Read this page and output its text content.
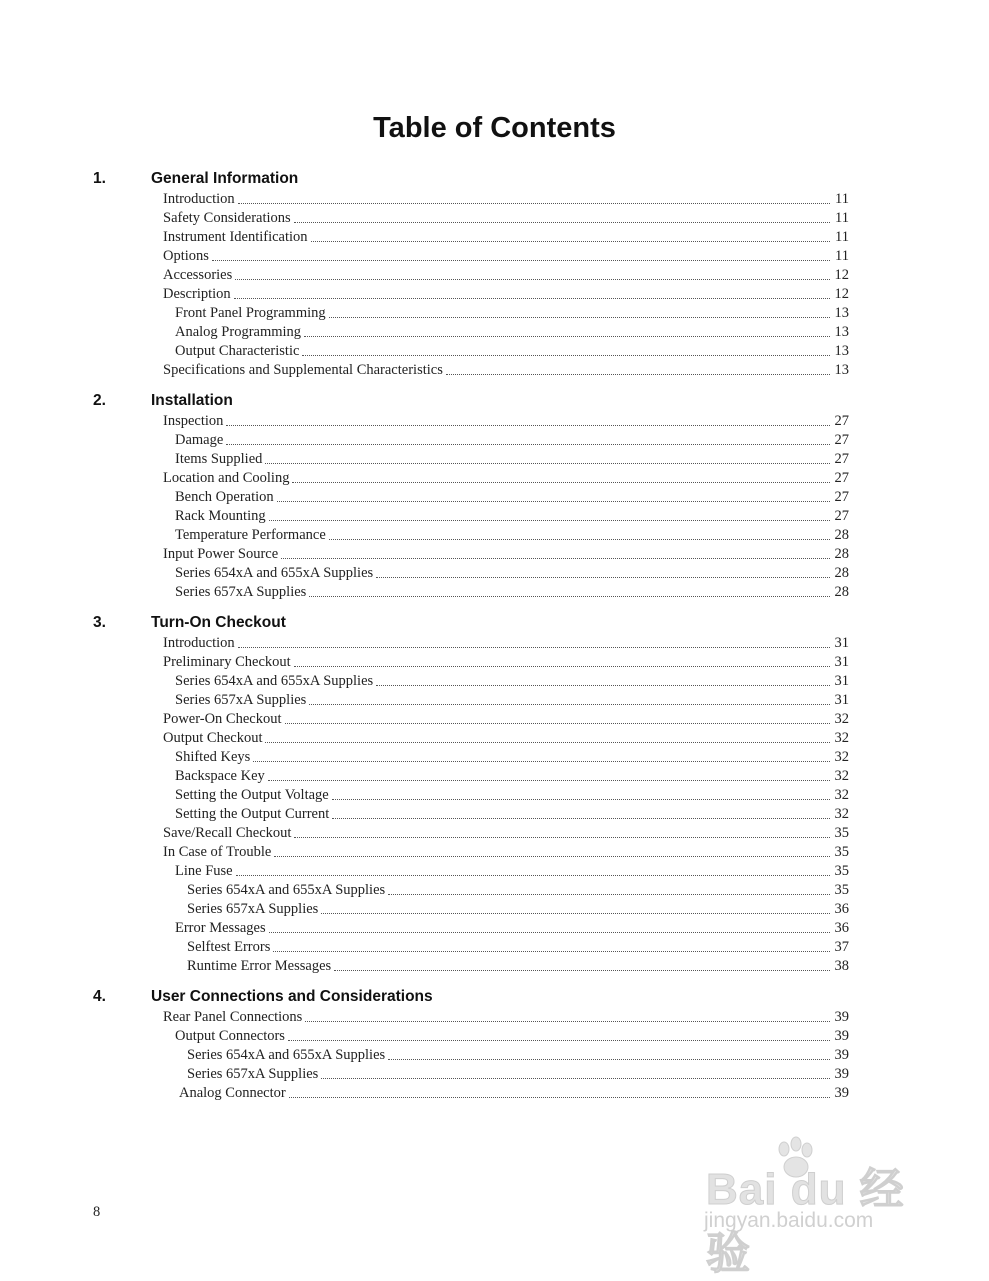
Table of Contents
1.	General Information
Introduction	11
Safety Considerations	11
Instrument Identification	11
Options	11
Accessories	12
Description	12
Front Panel Programming	13
Analog Programming	13
Output Characteristic	13
Specifications and Supplemental Characteristics	13
2.	Installation
Inspection	27
Damage	27
Items Supplied	27
Location and Cooling	27
Bench Operation	27
Rack Mounting	27
Temperature Performance	28
Input Power Source	28
Series 654xA and 655xA Supplies	28
Series 657xA Supplies	28
3.	Turn-On Checkout
Introduction	31
Preliminary Checkout	31
Series 654xA and 655xA Supplies	31
Series 657xA Supplies	31
Power-On Checkout	32
Output Checkout	32
Shifted Keys	32
Backspace Key	32
Setting the Output Voltage	32
Setting the Output Current	32
Save/Recall Checkout	35
In Case of Trouble	35
Line Fuse	35
Series 654xA and 655xA Supplies	35
Series 657xA Supplies	36
Error Messages	36
Selftest Errors	37
Runtime Error Messages	38
4.	User Connections and Considerations
Rear Panel Connections	39
Output Connectors	39
Series 654xA and 655xA Supplies	39
Series 657xA Supplies	39
Analog Connector	39
8	Bai du 经验
jingyan.baidu.com
